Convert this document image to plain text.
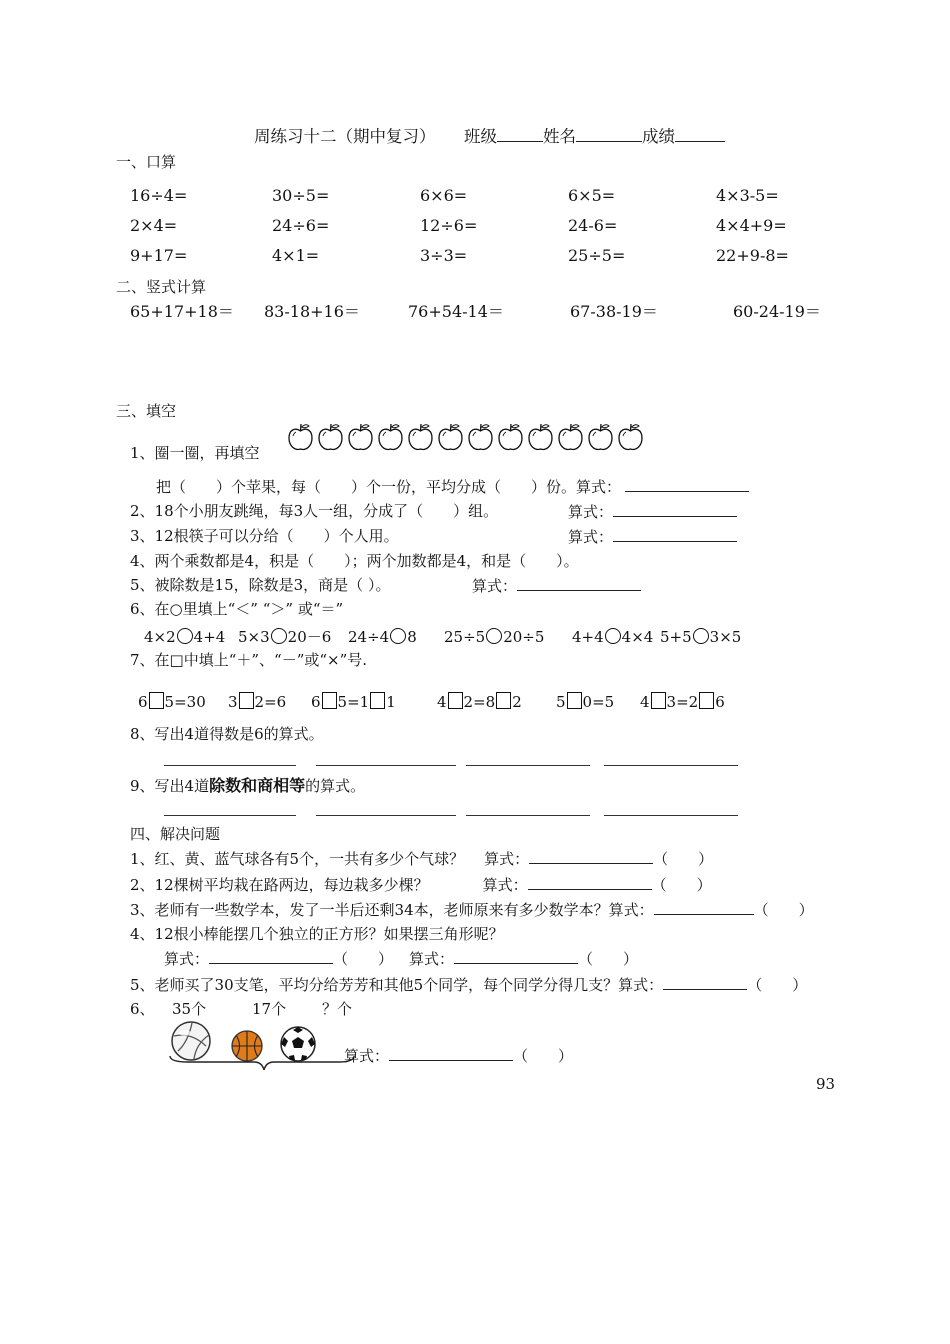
周练习十二（期中复习） 班级	姓名	成绩
一、口算
16÷4=	30÷5=	6×6=	6×5=	4×3-5=
2×4=	24÷6=	12÷6=	24-6=	4×4+9=
9+17=	4×1=	3÷3=	25÷5=	22+9-8=
二、竖式计算
65+17+18＝ 83-18+16＝	76+54-14＝	67-38-19＝	60-24-19＝
三、填空
1、圈一圈，再填空
把（　　）个苹果，每（　　）个一份，平均分成（　　）份。算式：
2、18个小朋友跳绳，每3人一组，分成了（　　）组。	算式：
3、12根筷子可以分给（　　）个人用。	算式：
4、两个乘数都是4，积是（　　）；两个加数都是4，和是（　　）。
5、被除数是15，除数是3，商是（ ）。	算式：
6、在○里填上“＜” “＞” 或“＝”
4×2 4+4 5×3 20－6 24÷4 8 25÷5 20÷5 4+4 4×4 5+5 3×5
7、在□中填上“＋”、“－”或“×”号.
6 5=30 3 2=6 6 5=1 1	4 2=8 2 5 0=5 4 3=2 6
8、写出4道得数是6的算式。
9、写出4道除数和商相等的算式。
四、解决问题
1、红、黄、蓝气球各有5个，一共有多少个气球？ 算式：	（　　）
2、12棵树平均栽在路两边，每边栽多少棵？	算式：	（　　）
3、老师有一些数学本，发了一半后还剩34本，老师原来有多少数学本？算式：	（　　）
4、12根小棒能摆几个独立的正方形？如果摆三角形呢？
算式：	（　　） 算式：	（　　）
5、老师买了30支笔，平均分给芳芳和其他5个同学，每个同学分得几支？算式：	（　　）
6、 35个	17个 ？个
算式：	（　　）
93
